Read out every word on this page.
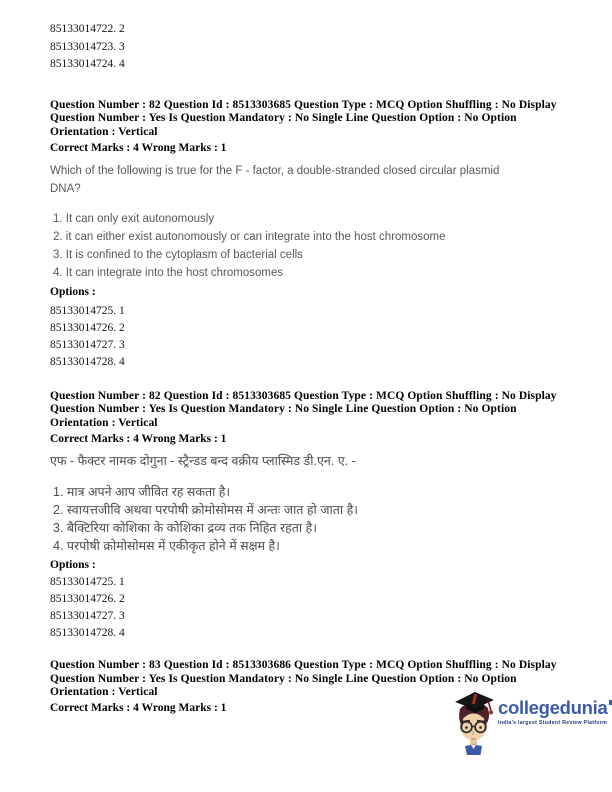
85133014722. 2
85133014723. 3
85133014724. 4
Question Number : 82 Question Id : 8513303685 Question Type : MCQ Option Shuffling : No Display
Question Number : Yes Is Question Mandatory : No Single Line Question Option : No Option
Orientation : Vertical
Correct Marks : 4 Wrong Marks : 1
Which of the following is true for the F - factor, a double-stranded closed circular plasmid DNA?
1. It can only exit autonomously
2. it can either exist autonomously or can integrate into the host chromosome
3. It is confined to the cytoplasm of bacterial cells
4. It can integrate into the host chromosomes
Options :
85133014725. 1
85133014726. 2
85133014727. 3
85133014728. 4
Question Number : 82 Question Id : 8513303685 Question Type : MCQ Option Shuffling : No Display
Question Number : Yes Is Question Mandatory : No Single Line Question Option : No Option
Orientation : Vertical
Correct Marks : 4 Wrong Marks : 1
एफ - फैक्टर नामक दोगुना - स्ट्रैन्डड बन्द वक्रीय प्लास्मिड डी.एन. ए. -
1. मात्र अपने आप जीवित रह सकता है।
2. स्वायत्तजीवि अथवा परपोषी क्रोमोसोमस में अन्तः जात हो जाता है।
3. बैक्टिरिया कोशिका के कोशिका द्रव्य तक निहित रहता है।
4. परपोषी क्रोमोसोमस में एकीकृत होने में सक्षम है।
Options :
85133014725. 1
85133014726. 2
85133014727. 3
85133014728. 4
Question Number : 83 Question Id : 8513303686 Question Type : MCQ Option Shuffling : No Display
Question Number : Yes Is Question Mandatory : No Single Line Question Option : No Option
Orientation : Vertical
Correct Marks : 4 Wrong Marks : 1	collegedunia
India's largest Student Review Platform
